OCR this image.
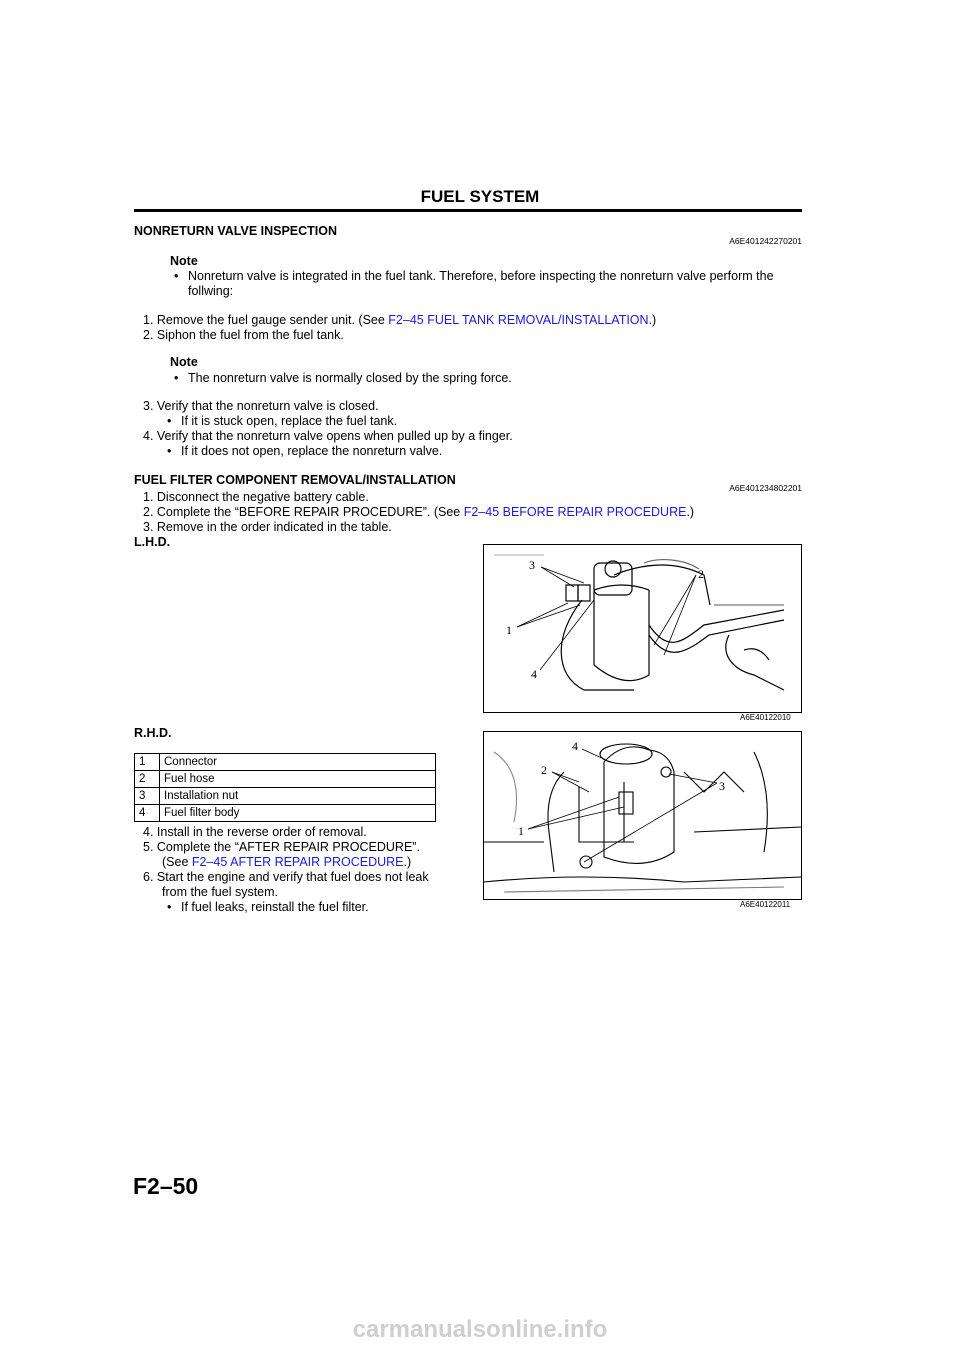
FUEL SYSTEM
NONRETURN VALVE INSPECTION
A6E401242270201
Note
• Nonreturn valve is integrated in the fuel tank. Therefore, before inspecting the nonreturn valve perform the
follwing:
1. Remove the fuel gauge sender unit. (See F2–45 FUEL TANK REMOVAL/INSTALLATION.)
2. Siphon the fuel from the fuel tank.
Note
• The nonreturn valve is normally closed by the spring force.
3. Verify that the nonreturn valve is closed.
• If it is stuck open, replace the fuel tank.
4. Verify that the nonreturn valve opens when pulled up by a finger.
• If it does not open, replace the nonreturn valve.
FUEL FILTER COMPONENT REMOVAL/INSTALLATION
A6E401234802201
1. Disconnect the negative battery cable.
2. Complete the “BEFORE REPAIR PROCEDURE”. (See F2–45 BEFORE REPAIR PROCEDURE.)
3. Remove in the order indicated in the table.
L.H.D.
3
2
1
4
A6E40122010
R.H.D.
1	Connector
2	Fuel hose
3	Installation nut
4	Fuel filter body
4
2
3
1
A6E40122011
4. Install in the reverse order of removal.
5. Complete the “AFTER REPAIR PROCEDURE”.
(See F2–45 AFTER REPAIR PROCEDURE.)
6. Start the engine and verify that fuel does not leak
from the fuel system.
• If fuel leaks, reinstall the fuel filter.
F2–50
carmanualsonline.info
